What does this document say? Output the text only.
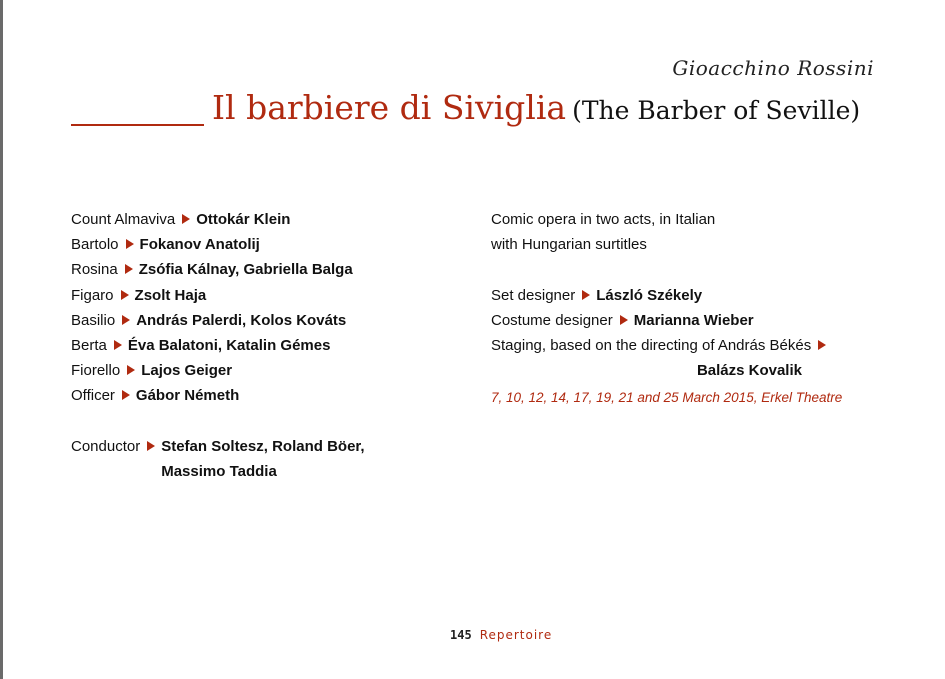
Gioacchino Rossini
Il barbiere di Siviglia (The Barber of Seville)
Count Almaviva Ottokár Klein
Bartolo Fokanov Anatolij
Rosina Zsófia Kálnay, Gabriella Balga
Figaro Zsolt Haja
Basilio András Palerdi, Kolos Kováts
Berta Éva Balatoni, Katalin Gémes
Fiorello Lajos Geiger
Officer Gábor Németh
Conductor	Stefan Soltesz, Roland Böer,
Massimo Taddia
Comic opera in two acts, in Italian
with Hungarian surtitles
Set designer László Székely
Costume designer Marianna Wieber
Staging, based on the directing of András Békés
Balázs Kovalik
7, 10, 12, 14, 17, 19, 21 and 25 March 2015, Erkel Theatre
145 Repertoire
